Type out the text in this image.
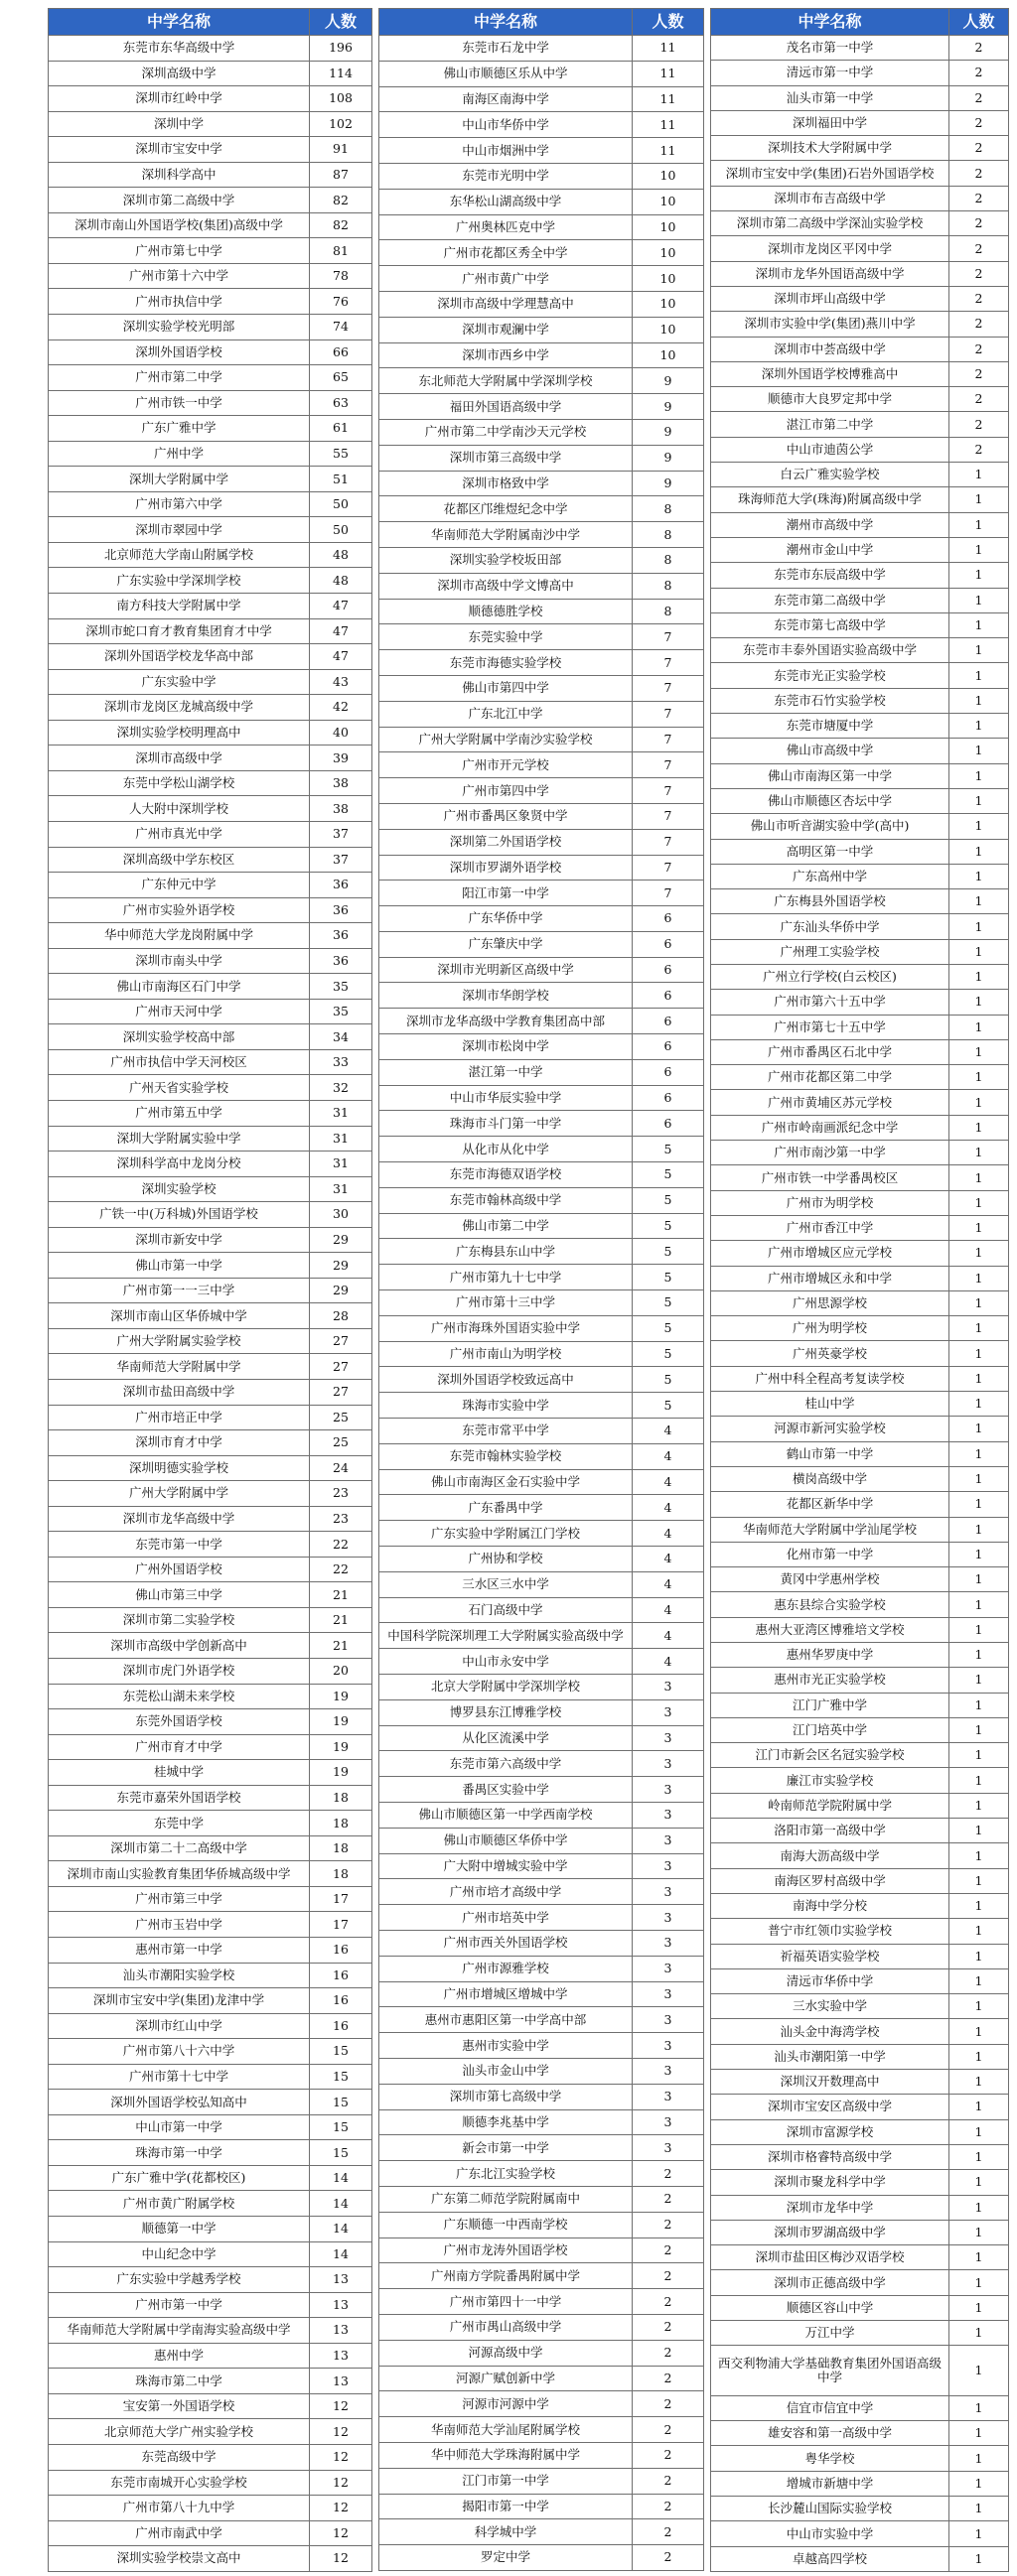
中学名称	人数
东莞市东华高级中学	196
深圳高级中学	114
深圳市红岭中学	108
深圳中学	102
深圳市宝安中学	91
深圳科学高中	87
深圳市第二高级中学	82
深圳市南山外国语学校(集团)高级中学	82
广州市第七中学	81
广州市第十六中学	78
广州市执信中学	76
深圳实验学校光明部	74
深圳外国语学校	66
广州市第二中学	65
广州市铁一中学	63
广东广雅中学	61
广州中学	55
深圳大学附属中学	51
广州市第六中学	50
深圳市翠园中学	50
北京师范大学南山附属学校	48
广东实验中学深圳学校	48
南方科技大学附属中学	47
深圳市蛇口育才教育集团育才中学	47
深圳外国语学校龙华高中部	47
广东实验中学	43
深圳市龙岗区龙城高级中学	42
深圳实验学校明理高中	40
深圳市高级中学	39
东莞中学松山湖学校	38
人大附中深圳学校	38
广州市真光中学	37
深圳高级中学东校区	37
广东仲元中学	36
广州市实验外语学校	36
华中师范大学龙岗附属中学	36
深圳市南头中学	36
佛山市南海区石门中学	35
广州市天河中学	35
深圳实验学校高中部	34
广州市执信中学天河校区	33
广州天省实验学校	32
广州市第五中学	31
深圳大学附属实验中学	31
深圳科学高中龙岗分校	31
深圳实验学校	31
广铁一中(万科城)外国语学校	30
深圳市新安中学	29
佛山市第一中学	29
广州市第一一三中学	29
深圳市南山区华侨城中学	28
广州大学附属实验学校	27
华南师范大学附属中学	27
深圳市盐田高级中学	27
广州市培正中学	25
深圳市育才中学	25
深圳明德实验学校	24
广州大学附属中学	23
深圳市龙华高级中学	23
东莞市第一中学	22
广州外国语学校	22
佛山市第三中学	21
深圳市第二实验学校	21
深圳市高级中学创新高中	21
深圳市虎门外语学校	20
东莞松山湖未来学校	19
东莞外国语学校	19
广州市育才中学	19
桂城中学	19
东莞市嘉荣外国语学校	18
东莞中学	18
深圳市第二十二高级中学	18
深圳市南山实验教育集团华侨城高级中学	18
广州市第三中学	17
广州市玉岩中学	17
惠州市第一中学	16
汕头市潮阳实验学校	16
深圳市宝安中学(集团)龙津中学	16
深圳市红山中学	16
广州市第八十六中学	15
广州市第十七中学	15
深圳外国语学校弘知高中	15
中山市第一中学	15
珠海市第一中学	15
广东广雅中学(花都校区)	14
广州市黄广附属学校	14
顺德第一中学	14
中山纪念中学	14
广东实验中学越秀学校	13
广州市第一中学	13
华南师范大学附属中学南海实验高级中学	13
惠州中学	13
珠海市第二中学	13
宝安第一外国语学校	12
北京师范大学广州实验学校	12
东莞高级中学	12
东莞市南城开心实验学校	12
广州市第八十九中学	12
广州市南武中学	12
深圳实验学校崇文高中	12
中学名称	人数
东莞市石龙中学	11
佛山市顺德区乐从中学	11
南海区南海中学	11
中山市华侨中学	11
中山市烟洲中学	11
东莞市光明中学	10
东华松山湖高级中学	10
广州奥林匹克中学	10
广州市花都区秀全中学	10
广州市黄广中学	10
深圳市高级中学理慧高中	10
深圳市观澜中学	10
深圳市西乡中学	10
东北师范大学附属中学深圳学校	9
福田外国语高级中学	9
广州市第二中学南沙天元学校	9
深圳市第三高级中学	9
深圳市格致中学	9
花都区邝维煜纪念中学	8
华南师范大学附属南沙中学	8
深圳实验学校坂田部	8
深圳市高级中学文博高中	8
顺德德胜学校	8
东莞实验中学	7
东莞市海德实验学校	7
佛山市第四中学	7
广东北江中学	7
广州大学附属中学南沙实验学校	7
广州市开元学校	7
广州市第四中学	7
广州市番禺区象贤中学	7
深圳第二外国语学校	7
深圳市罗湖外语学校	7
阳江市第一中学	7
广东华侨中学	6
广东肇庆中学	6
深圳市光明新区高级中学	6
深圳市华朗学校	6
深圳市龙华高级中学教育集团高中部	6
深圳市松岗中学	6
湛江第一中学	6
中山市华辰实验中学	6
珠海市斗门第一中学	6
从化市从化中学	5
东莞市海德双语学校	5
东莞市翰林高级中学	5
佛山市第二中学	5
广东梅县东山中学	5
广州市第九十七中学	5
广州市第十三中学	5
广州市海珠外国语实验中学	5
广州市南山为明学校	5
深圳外国语学校致远高中	5
珠海市实验中学	5
东莞市常平中学	4
东莞市翰林实验学校	4
佛山市南海区金石实验中学	4
广东番禺中学	4
广东实验中学附属江门学校	4
广州协和学校	4
三水区三水中学	4
石门高级中学	4
中国科学院深圳理工大学附属实验高级中学	4
中山市永安中学	4
北京大学附属中学深圳学校	3
博罗县东江博雅学校	3
从化区流溪中学	3
东莞市第六高级中学	3
番禺区实验中学	3
佛山市顺德区第一中学西南学校	3
佛山市顺德区华侨中学	3
广大附中增城实验中学	3
广州市培才高级中学	3
广州市培英中学	3
广州市西关外国语学校	3
广州市源雅学校	3
广州市增城区增城中学	3
惠州市惠阳区第一中学高中部	3
惠州市实验中学	3
汕头市金山中学	3
深圳市第七高级中学	3
顺德李兆基中学	3
新会市第一中学	3
广东北江实验学校	2
广东第二师范学院附属南中	2
广东顺德一中西南学校	2
广州市龙涛外国语学校	2
广州南方学院番禺附属中学	2
广州市第四十一中学	2
广州市禺山高级中学	2
河源高级中学	2
河源广赋创新中学	2
河源市河源中学	2
华南师范大学汕尾附属学校	2
华中师范大学珠海附属中学	2
江门市第一中学	2
揭阳市第一中学	2
科学城中学	2
罗定中学	2
中学名称	人数
茂名市第一中学	2
清远市第一中学	2
汕头市第一中学	2
深圳福田中学	2
深圳技术大学附属中学	2
深圳市宝安中学(集团)石岩外国语学校	2
深圳市布吉高级中学	2
深圳市第二高级中学深汕实验学校	2
深圳市龙岗区平冈中学	2
深圳市龙华外国语高级中学	2
深圳市坪山高级中学	2
深圳市实验中学(集团)燕川中学	2
深圳市中荟高级中学	2
深圳外国语学校博雅高中	2
顺德市大良罗定邦中学	2
湛江市第二中学	2
中山市迪茵公学	2
白云广雅实验学校	1
珠海师范大学(珠海)附属高级中学	1
潮州市高级中学	1
潮州市金山中学	1
东莞市东辰高级中学	1
东莞市第二高级中学	1
东莞市第七高级中学	1
东莞市丰泰外国语实验高级中学	1
东莞市光正实验学校	1
东莞市石竹实验学校	1
东莞市塘厦中学	1
佛山市高级中学	1
佛山市南海区第一中学	1
佛山市顺德区杏坛中学	1
佛山市听音湖实验中学(高中)	1
高明区第一中学	1
广东高州中学	1
广东梅县外国语学校	1
广东汕头华侨中学	1
广州理工实验学校	1
广州立行学校(白云校区)	1
广州市第六十五中学	1
广州市第七十五中学	1
广州市番禺区石北中学	1
广州市花都区第二中学	1
广州市黄埔区苏元学校	1
广州市岭南画派纪念中学	1
广州市南沙第一中学	1
广州市铁一中学番禺校区	1
广州市为明学校	1
广州市香江中学	1
广州市增城区应元学校	1
广州市增城区永和中学	1
广州思源学校	1
广州为明学校	1
广州英豪学校	1
广州中科全程高考复读学校	1
桂山中学	1
河源市新河实验学校	1
鹤山市第一中学	1
横岗高级中学	1
花都区新华中学	1
华南师范大学附属中学汕尾学校	1
化州市第一中学	1
黄冈中学惠州学校	1
惠东县综合实验学校	1
惠州大亚湾区博雅培文学校	1
惠州华罗庚中学	1
惠州市光正实验学校	1
江门广雅中学	1
江门培英中学	1
江门市新会区名冠实验学校	1
廉江市实验学校	1
岭南师范学院附属中学	1
洛阳市第一高级中学	1
南海大沥高级中学	1
南海区罗村高级中学	1
南海中学分校	1
普宁市红领巾实验学校	1
祈福英语实验学校	1
清远市华侨中学	1
三水实验中学	1
汕头金中海湾学校	1
汕头市潮阳第一中学	1
深圳汉开数理高中	1
深圳市宝安区高级中学	1
深圳市富源学校	1
深圳市格睿特高级中学	1
深圳市聚龙科学中学	1
深圳市龙华中学	1
深圳市罗湖高级中学	1
深圳市盐田区梅沙双语学校	1
深圳市正德高级中学	1
顺德区容山中学	1
万江中学	1
西交利物浦大学基础教育集团外国语高级中学	1
信宜市信宜中学	1
雄安容和第一高级中学	1
粤华学校	1
增城市新塘中学	1
长沙麓山国际实验学校	1
中山市实验中学	1
卓越高四学校	1
